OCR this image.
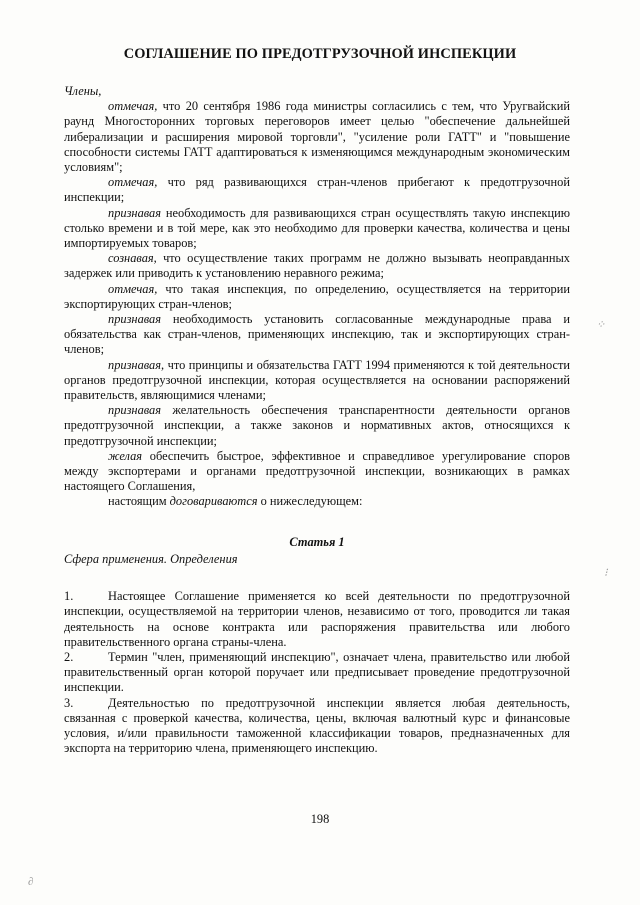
СОГЛАШЕНИЕ ПО ПРЕДОТГРУЗОЧНОЙ ИНСПЕКЦИИ

Члены,

отмечая, что 20 сентября 1986 года министры согласились с тем, что Уругвайский раунд Многосторонних торговых переговоров имеет целью "обеспечение дальнейшей либерализации и расширения мировой торговли", "усиление роли ГАТТ" и "повышение способности системы ГАТТ адаптироваться к изменяющимся международным экономическим условиям";

отмечая, что ряд развивающихся стран-членов прибегают к предотгрузочной инспекции;

признавая необходимость для развивающихся стран осуществлять такую инспекцию столько времени и в той мере, как это необходимо для проверки качества, количества и цены импортируемых товаров;

сознавая, что осуществление таких программ не должно вызывать неоправданных задержек или приводить к установлению неравного режима;

отмечая, что такая инспекция, по определению, осуществляется на территории экспортирующих стран-членов;

признавая необходимость установить согласованные международные права и обязательства как стран-членов, применяющих инспекцию, так и экспортирующих стран-членов;

признавая, что принципы и обязательства ГАТТ 1994 применяются к той деятельности органов предотгрузочной инспекции, которая осуществляется на основании распоряжений правительств, являющимися членами;

признавая желательность обеспечения транспарентности деятельности органов предотгрузочной инспекции, а также законов и нормативных актов, относящихся к предотгрузочной инспекции;

желая обеспечить быстрое, эффективное и справедливое урегулирование споров между экспортерами и органами предотгрузочной инспекции, возникающих в рамках настоящего Соглашения,

настоящим договариваются о нижеследующем:

Статья 1

Сфера применения. Определения

1.	Настоящее Соглашение применяется ко всей деятельности по предотгрузочной инспекции, осуществляемой на территории членов, независимо от того, проводится ли такая деятельность на основе контракта или распоряжения правительства или любого правительственного органа страны-члена.

2.	Термин "член, применяющий инспекцию", означает члена, правительство или любой правительственный орган которой поручает или предписывает проведение предотгрузочной инспекции.

3.	Деятельностью по предотгрузочной инспекции является любая деятельность, связанная с проверкой качества, количества, цены, включая валютный курс и финансовые условия, и/или правильности таможенной классификации товаров, предназначенных для экспорта на территорию члена, применяющего инспекцию.

198
⁘
⁝
∂
